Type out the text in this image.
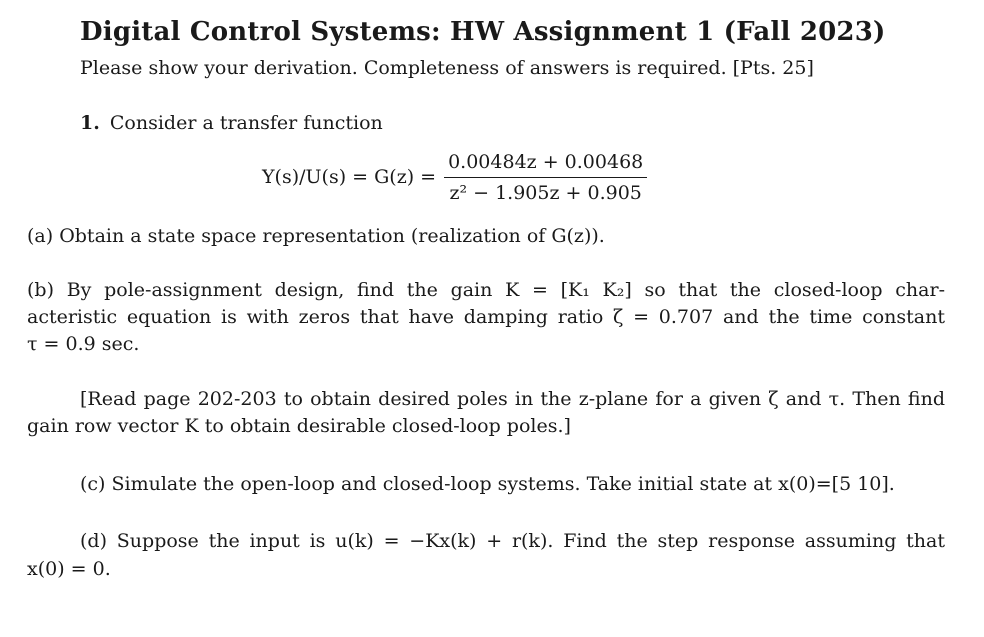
Digital Control Systems: HW Assignment 1 (Fall 2023)
Please show your derivation. Completeness of answers is required. [Pts. 25]
1. Consider a transfer function
$Y(s)/U(s) = G(z) = \frac{0.00484z + 0.00468}{\text{z² − 1.905z + 0.905}}$
(a) Obtain a state space representation (realization of G(z)).
(b) By pole-assignment design, find the gain K = [K₁ K₂] so that the closed-loop char-
acteristic equation is with zeros that have damping ratio ζ = 0.707 and the time constant
τ = 0.9 sec.
[Read page 202-203 to obtain desired poles in the z-plane for a given ζ and τ. Then find
gain row vector K to obtain desirable closed-loop poles.]
(c) Simulate the open-loop and closed-loop systems. Take initial state at x(0)=[5 10].
(d) Suppose the input is u(k) = −Kx(k) + r(k). Find the step response assuming that
x(0) = 0.
